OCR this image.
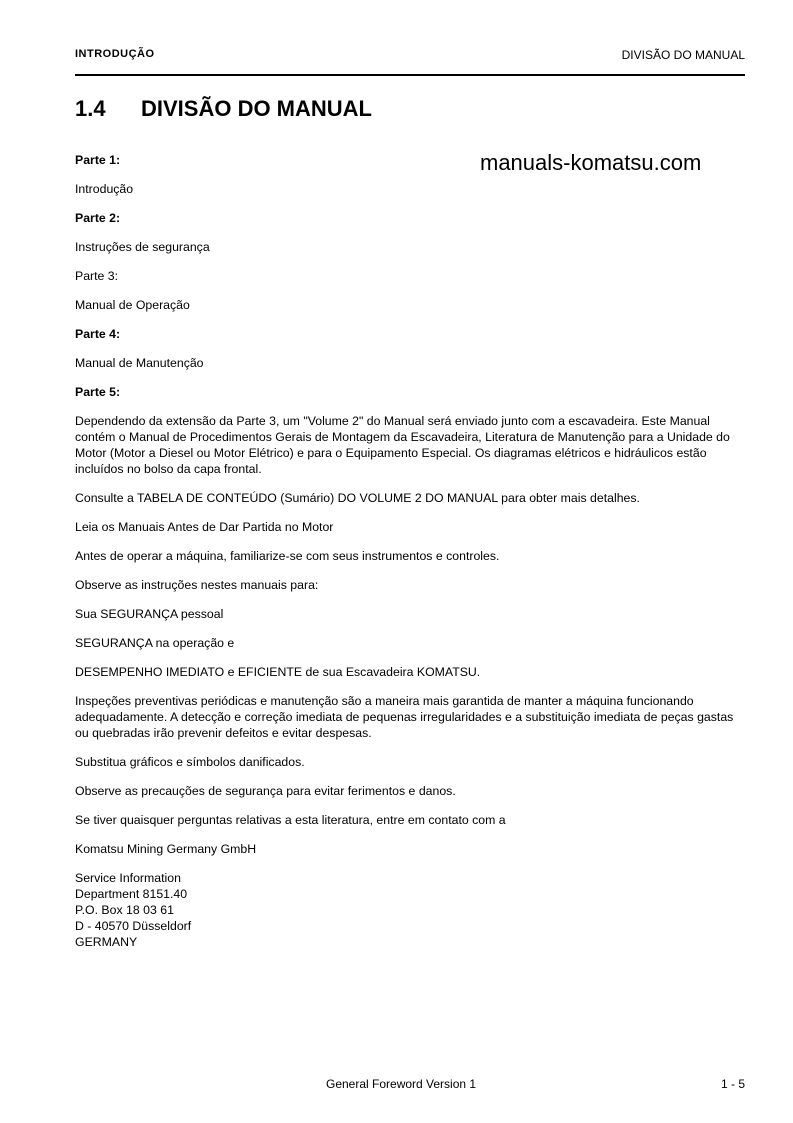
INTRODUÇÃO	DIVISÃO DO MANUAL
1.4 DIVISÃO DO MANUAL

Parte 1:

Introdução

Parte 2:

Instruções de segurança

Parte 3:

Manual de Operação

Parte 4:

Manual de Manutenção

Parte 5:

Dependendo da extensão da Parte 3, um "Volume 2" do Manual será enviado junto com a escavadeira. Este Manual contém o Manual de Procedimentos Gerais de Montagem da Escavadeira, Literatura de Manutenção para a Unidade do Motor (Motor a Diesel ou Motor Elétrico) e para o Equipamento Especial. Os diagramas elétricos e hidráulicos estão incluídos no bolso da capa frontal.

Consulte a TABELA DE CONTEÚDO (Sumário) DO VOLUME 2 DO MANUAL para obter mais detalhes.

Leia os Manuais Antes de Dar Partida no Motor

Antes de operar a máquina, familiarize-se com seus instrumentos e controles.

Observe as instruções nestes manuais para:

Sua SEGURANÇA pessoal

SEGURANÇA na operação e

DESEMPENHO IMEDIATO e EFICIENTE de sua Escavadeira KOMATSU.

Inspeções preventivas periódicas e manutenção são a maneira mais garantida de manter a máquina funcionando adequadamente. A detecção e correção imediata de pequenas irregularidades e a substituição imediata de peças gastas ou quebradas irão prevenir defeitos e evitar despesas.

Substitua gráficos e símbolos danificados.

Observe as precauções de segurança para evitar ferimentos e danos.

Se tiver quaisquer perguntas relativas a esta literatura, entre em contato com a

Komatsu Mining Germany GmbH

Service Information
Department 8151.40
P.O. Box 18 03 61
D - 40570 Düsseldorf
GERMANY
manuals-komatsu.com
General Foreword Version 1	1 - 5
